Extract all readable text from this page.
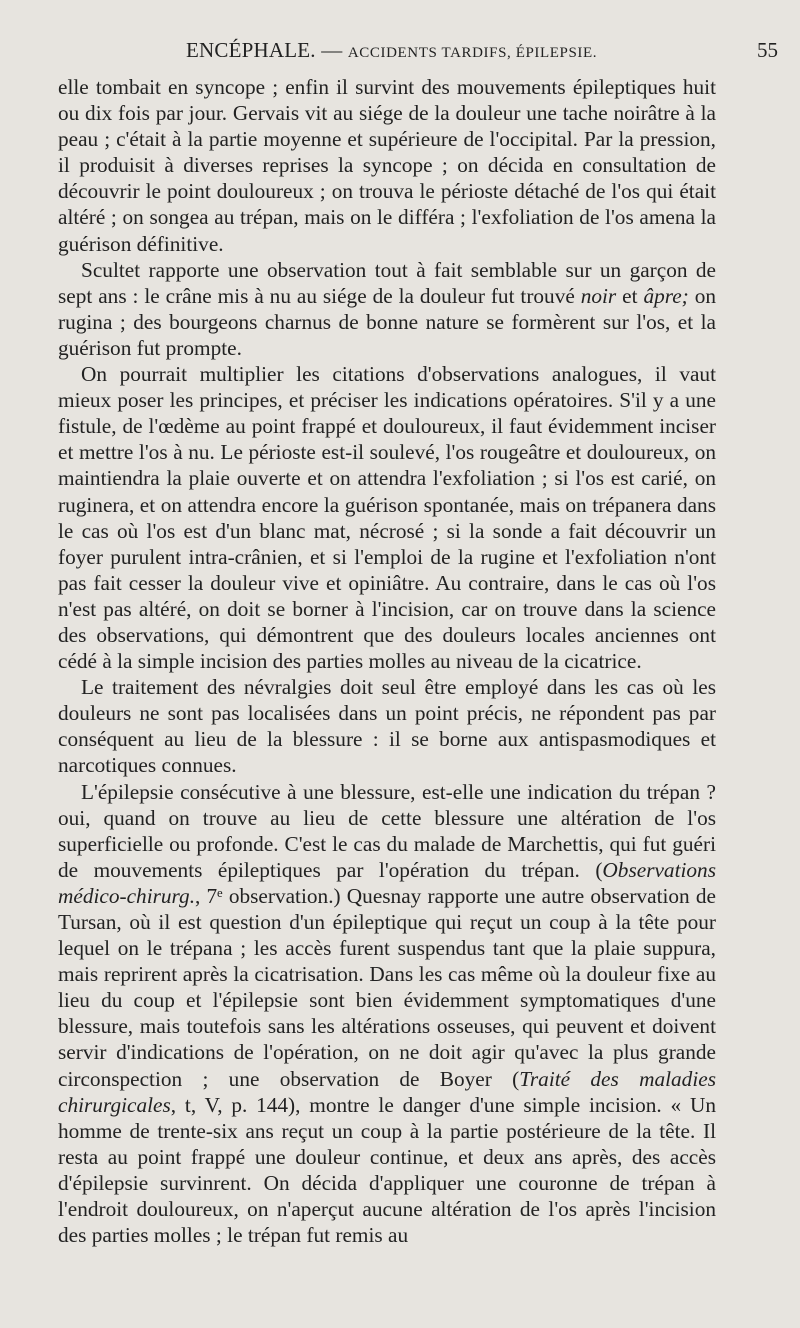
ENCÉPHALE. — ACCIDENTS TARDIFS, ÉPILEPSIE.	55

elle tombait en syncope ; enfin il survint des mouvements épileptiques huit ou dix fois par jour. Gervais vit au siége de la douleur une tache noirâtre à la peau ; c'était à la partie moyenne et supérieure de l'occipital. Par la pression, il produisit à diverses reprises la syncope ; on décida en consultation de découvrir le point douloureux ; on trouva le périoste détaché de l'os qui était altéré ; on songea au trépan, mais on le différa ; l'exfoliation de l'os amena la guérison définitive.

Scultet rapporte une observation tout à fait semblable sur un garçon de sept ans : le crâne mis à nu au siége de la douleur fut trouvé noir et âpre; on rugina ; des bourgeons charnus de bonne nature se formèrent sur l'os, et la guérison fut prompte.

On pourrait multiplier les citations d'observations analogues, il vaut mieux poser les principes, et préciser les indications opératoires. S'il y a une fistule, de l'œdème au point frappé et douloureux, il faut évidemment inciser et mettre l'os à nu. Le périoste est-il soulevé, l'os rougeâtre et douloureux, on maintiendra la plaie ouverte et on attendra l'exfoliation ; si l'os est carié, on ruginera, et on attendra encore la guérison spontanée, mais on trépanera dans le cas où l'os est d'un blanc mat, nécrosé ; si la sonde a fait découvrir un foyer purulent intra-crânien, et si l'emploi de la rugine et l'exfoliation n'ont pas fait cesser la douleur vive et opiniâtre. Au contraire, dans le cas où l'os n'est pas altéré, on doit se borner à l'incision, car on trouve dans la science des observations, qui démontrent que des douleurs locales anciennes ont cédé à la simple incision des parties molles au niveau de la cicatrice.

Le traitement des névralgies doit seul être employé dans les cas où les douleurs ne sont pas localisées dans un point précis, ne répondent pas par conséquent au lieu de la blessure : il se borne aux antispasmodiques et narcotiques connues.

L'épilepsie consécutive à une blessure, est-elle une indication du trépan ? oui, quand on trouve au lieu de cette blessure une altération de l'os superficielle ou profonde. C'est le cas du malade de Marchettis, qui fut guéri de mouvements épileptiques par l'opération du trépan. (Observations médico-chirurg., 7ᵉ observation.) Quesnay rapporte une autre observation de Tursan, où il est question d'un épileptique qui reçut un coup à la tête pour lequel on le trépana ; les accès furent suspendus tant que la plaie suppura, mais reprirent après la cicatrisation. Dans les cas même où la douleur fixe au lieu du coup et l'épilepsie sont bien évidemment symptomatiques d'une blessure, mais toutefois sans les altérations osseuses, qui peuvent et doivent servir d'indications de l'opération, on ne doit agir qu'avec la plus grande circonspection ; une observation de Boyer (Traité des maladies chirurgicales, t, V, p. 144), montre le danger d'une simple incision. « Un homme de trente-six ans reçut un coup à la partie postérieure de la tête. Il resta au point frappé une douleur continue, et deux ans après, des accès d'épilepsie survinrent. On décida d'appliquer une couronne de trépan à l'endroit douloureux, on n'aperçut aucune altération de l'os après l'incision des parties molles ; le trépan fut remis au
